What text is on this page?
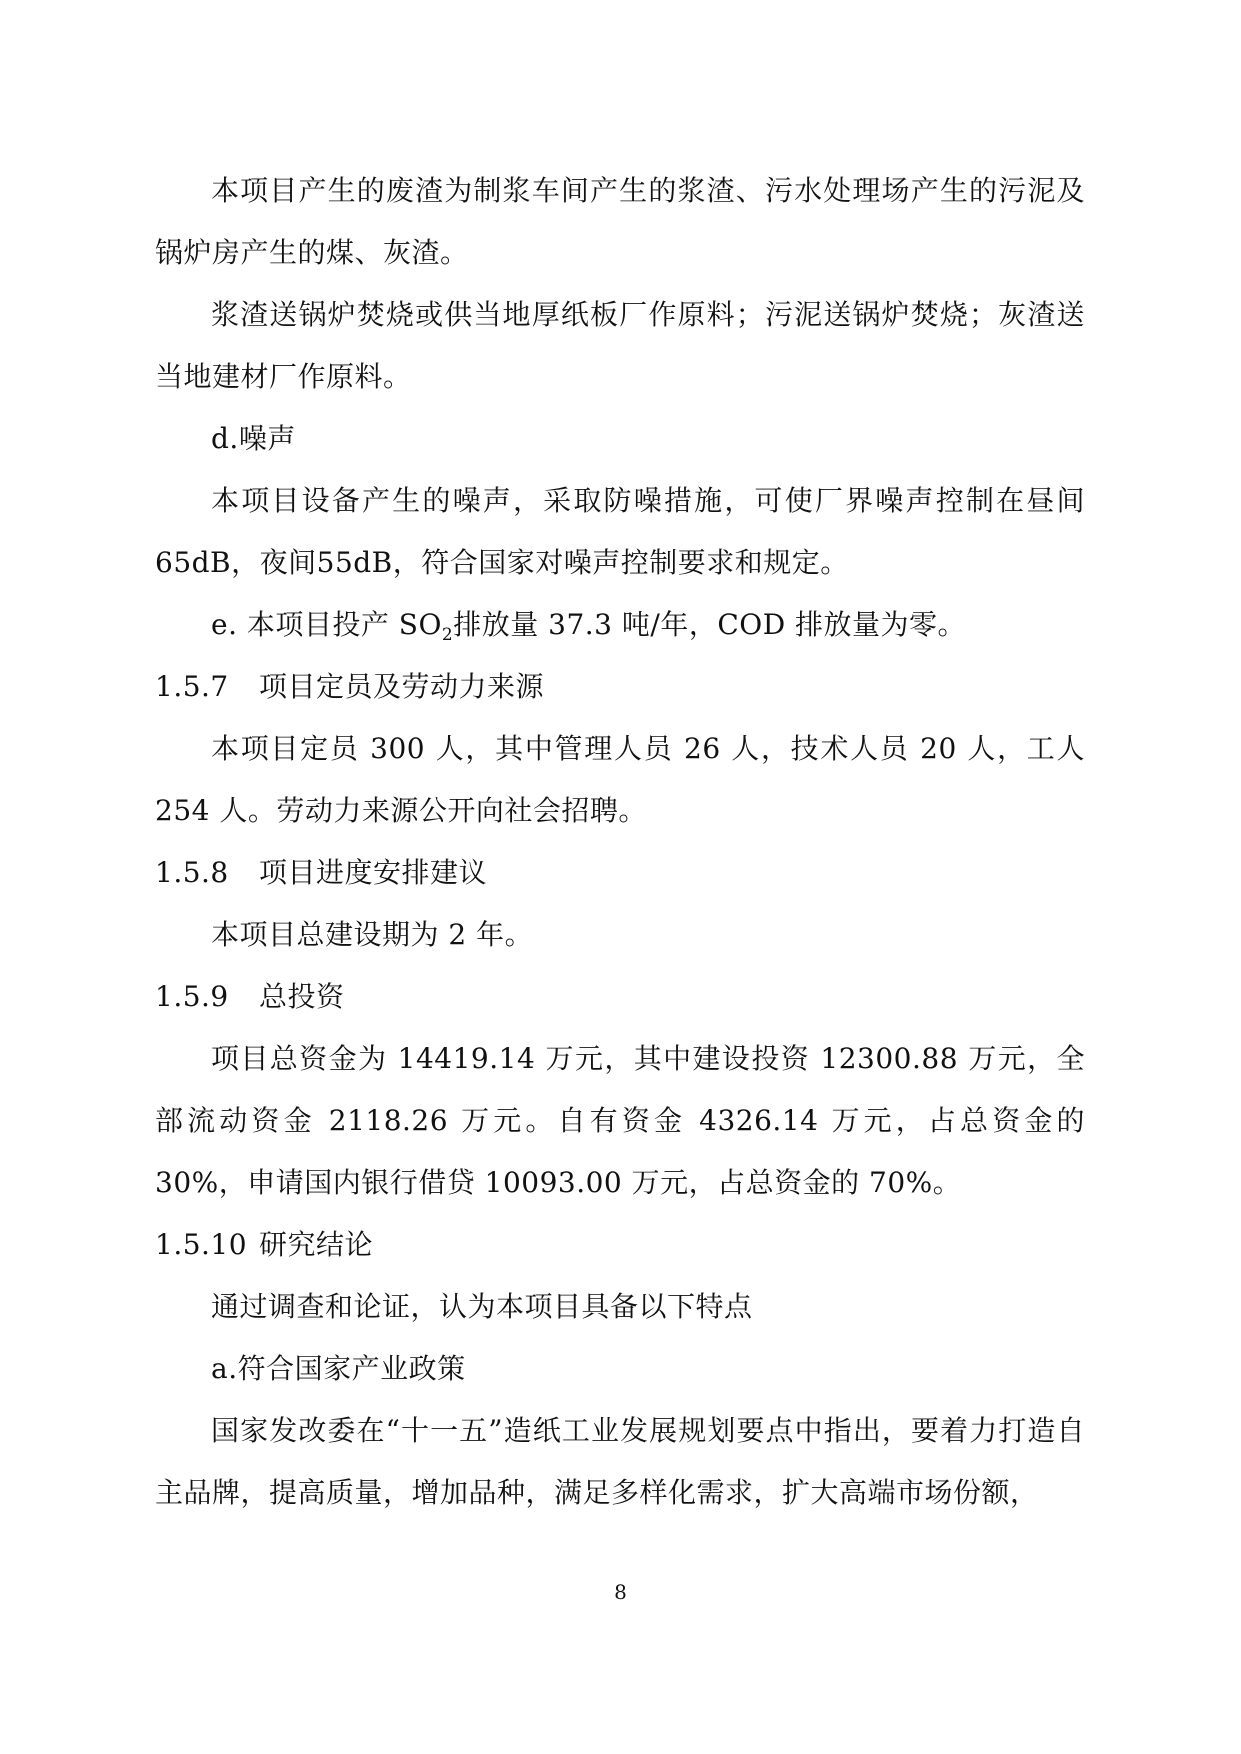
本项目产生的废渣为制浆车间产生的浆渣、污水处理场产生的污泥及锅炉房产生的煤、灰渣。

浆渣送锅炉焚烧或供当地厚纸板厂作原料；污泥送锅炉焚烧；灰渣送当地建材厂作原料。

d.噪声

本项目设备产生的噪声，采取防噪措施，可使厂界噪声控制在昼间65dB，夜间55dB，符合国家对噪声控制要求和规定。

e. 本项目投产 $SO_2$排放量 37.3 吨/年，COD 排放量为零。

1.5.7 项目定员及劳动力来源

本项目定员 300 人，其中管理人员 26 人，技术人员 20 人，工人 254 人。劳动力来源公开向社会招聘。

1.5.8 项目进度安排建议

本项目总建设期为 2 年。

1.5.9 总投资

项目总资金为 14419.14 万元，其中建设投资 12300.88 万元，全部流动资金 2118.26 万元。自有资金 4326.14 万元，占总资金的 30%，申请国内银行借贷 10093.00 万元，占总资金的 70%。

1.5.10 研究结论

通过调查和论证，认为本项目具备以下特点

a.符合国家产业政策

国家发改委在“十一五”造纸工业发展规划要点中指出，要着力打造自主品牌，提高质量，增加品种，满足多样化需求，扩大高端市场份额，

8
